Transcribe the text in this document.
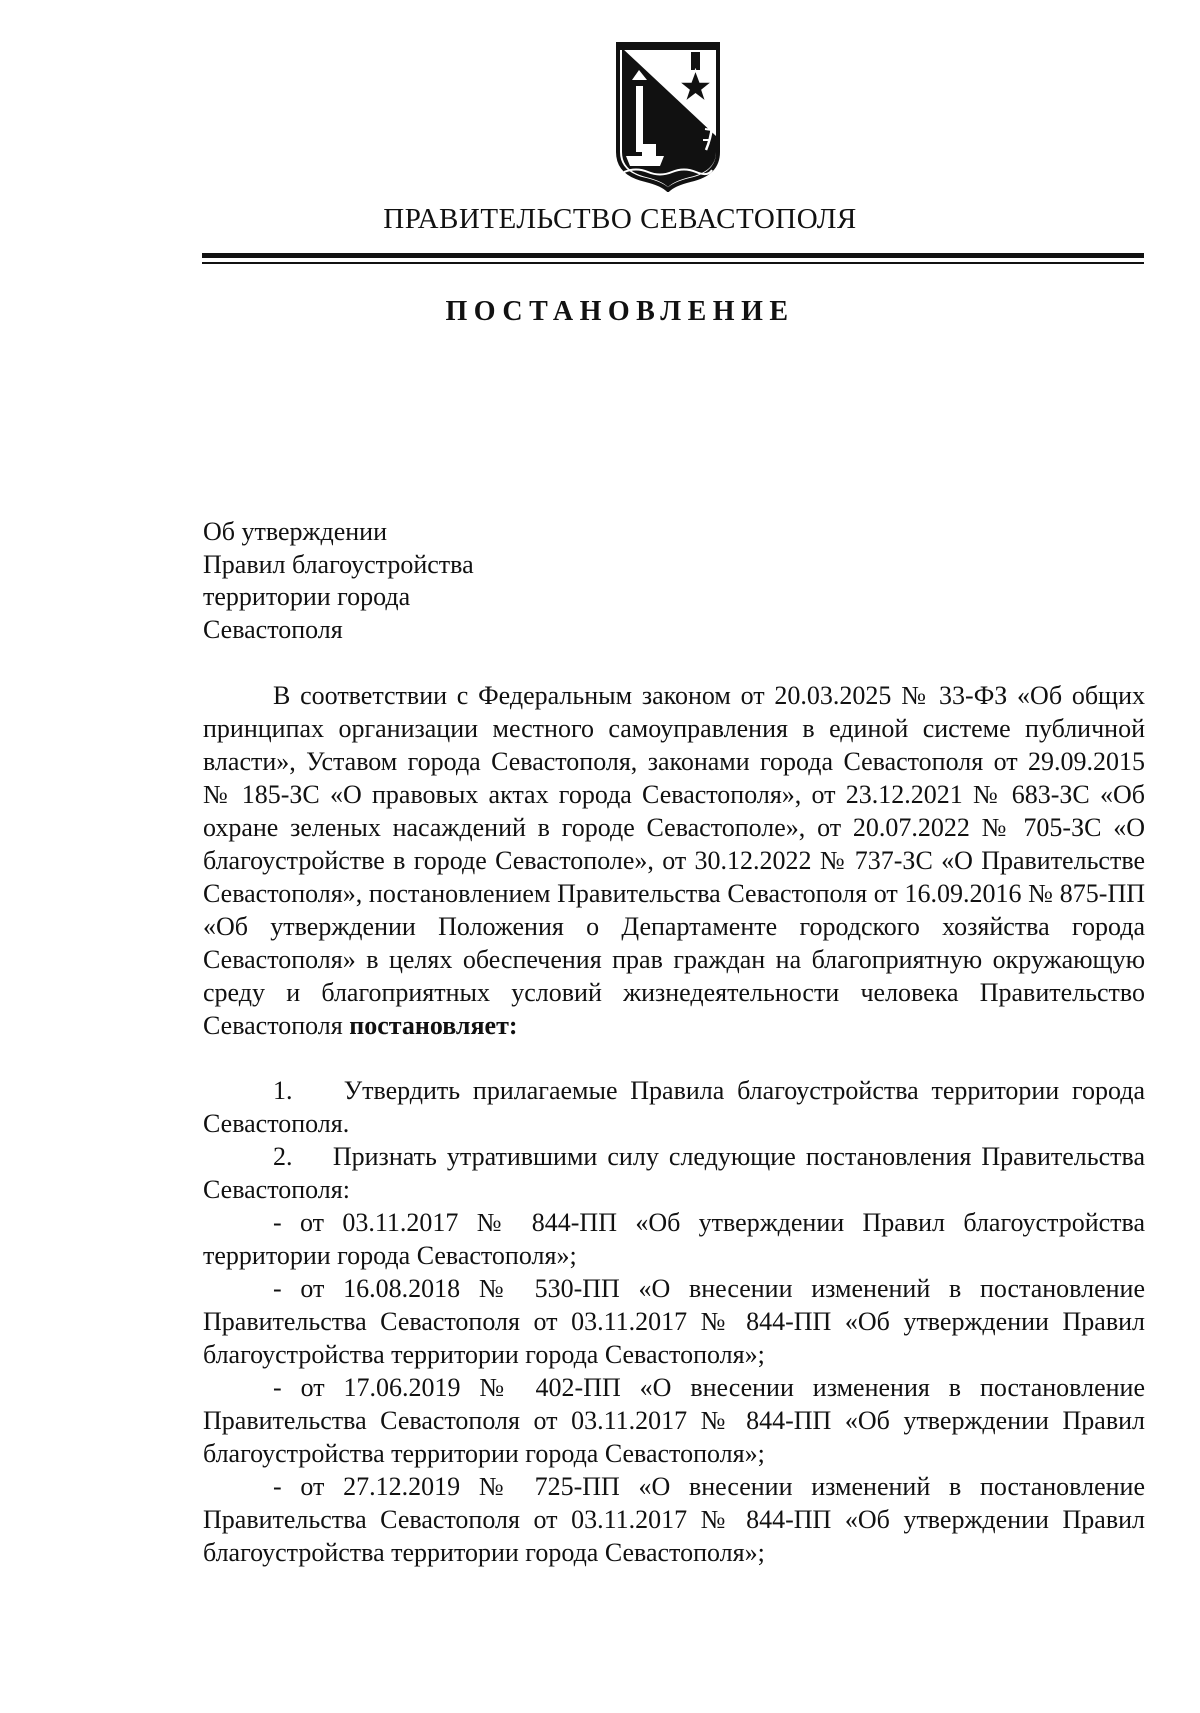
ПРАВИТЕЛЬСТВО СЕВАСТОПОЛЯ
ПОСТАНОВЛЕНИЕ
Об утверждении
Правил благоустройства
территории города
Севастополя

В соответствии с Федеральным законом от 20.03.2025 № 33-ФЗ «Об общих принципах организации местного самоуправления в единой системе публичной власти», Уставом города Севастополя, законами города Севастополя от 29.09.2015 № 185-ЗС «О правовых актах города Севастополя», от 23.12.2021 № 683-ЗС «Об охране зеленых насаждений в городе Севастополе», от 20.07.2022 № 705-ЗС «О благоустройстве в городе Севастополе», от 30.12.2022 № 737-ЗС «О Правительстве Севастополя», постановлением Правительства Севастополя от 16.09.2016 № 875-ПП «Об утверждении Положения о Департаменте городского хозяйства города Севастополя» в целях обеспечения прав граждан на благоприятную окружающую среду и благоприятных условий жизнедеятельности человека Правительство Севастополя постановляет:

1. Утвердить прилагаемые Правила благоустройства территории города Севастополя.

2. Признать утратившими силу следующие постановления Правительства Севастополя:

- от 03.11.2017 № 844-ПП «Об утверждении Правил благоустройства территории города Севастополя»;

- от 16.08.2018 № 530-ПП «О внесении изменений в постановление Правительства Севастополя от 03.11.2017 № 844-ПП «Об утверждении Правил благоустройства территории города Севастополя»;

- от 17.06.2019 № 402-ПП «О внесении изменения в постановление Правительства Севастополя от 03.11.2017 № 844-ПП «Об утверждении Правил благоустройства территории города Севастополя»;

- от 27.12.2019 № 725-ПП «О внесении изменений в постановление Правительства Севастополя от 03.11.2017 № 844-ПП «Об утверждении Правил благоустройства территории города Севастополя»;
